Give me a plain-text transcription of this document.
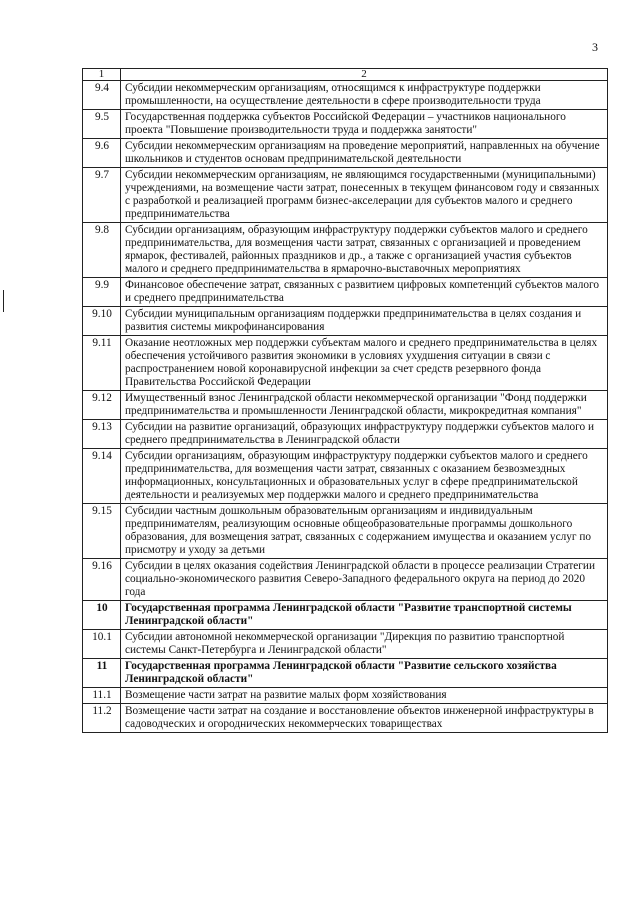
3
1	2
9.4	Субсидии некоммерческим организациям, относящимся к инфраструктуре поддержки промышленности, на осуществление деятельности в сфере производительности труда
9.5	Государственная поддержка субъектов Российской Федерации – участников национального проекта "Повышение производительности труда и поддержка занятости"
9.6	Субсидии некоммерческим организациям на проведение мероприятий, направленных на обучение школьников и студентов основам предпринимательской деятельности
9.7	Субсидии некоммерческим организациям, не являющимся государственными (муниципальными) учреждениями, на возмещение части затрат, понесенных в текущем финансовом году и связанных с разработкой и реализацией программ бизнес-акселерации для субъектов малого и среднего предпринимательства
9.8	Субсидии организациям, образующим инфраструктуру поддержки субъектов малого и среднего предпринимательства, для возмещения части затрат, связанных с организацией и проведением ярмарок, фестивалей, районных праздников и др., а также с организацией участия субъектов малого и среднего предпринимательства в ярмарочно-выставочных мероприятиях
9.9	Финансовое обеспечение затрат, связанных с развитием цифровых компетенций субъектов малого и среднего предпринимательства
9.10	Субсидии муниципальным организациям поддержки предпринимательства в целях создания и развития системы микрофинансирования
9.11	Оказание неотложных мер поддержки субъектам малого и среднего предпринимательства в целях обеспечения устойчивого развития экономики в условиях ухудшения ситуации в связи с распространением новой коронавирусной инфекции за счет средств резервного фонда Правительства Российской Федерации
9.12	Имущественный взнос Ленинградской области некоммерческой организации "Фонд поддержки предпринимательства и промышленности Ленинградской области, микрокредитная компания"
9.13	Субсидии на развитие организаций, образующих инфраструктуру поддержки субъектов малого и среднего предпринимательства в Ленинградской области
9.14	Субсидии организациям, образующим инфраструктуру поддержки субъектов малого и среднего предпринимательства, для возмещения части затрат, связанных с оказанием безвозмездных информационных, консультационных и образовательных услуг в сфере предпринимательской деятельности и реализуемых мер поддержки малого и среднего предпринимательства
9.15	Субсидии частным дошкольным образовательным организациям и индивидуальным предпринимателям, реализующим основные общеобразовательные программы дошкольного образования, для возмещения затрат, связанных с содержанием имущества и оказанием услуг по присмотру и уходу за детьми
9.16	Субсидии в целях оказания содействия Ленинградской области в процессе реализации Стратегии социально-экономического развития Северо-Западного федерального округа на период до 2020 года
10	Государственная программа Ленинградской области "Развитие транспортной системы Ленинградской области"
10.1	Субсидии автономной некоммерческой организации "Дирекция по развитию транспортной системы Санкт-Петербурга и Ленинградской области"
11	Государственная программа Ленинградской области "Развитие сельского хозяйства Ленинградской области"
11.1	Возмещение части затрат на развитие малых форм хозяйствования
11.2	Возмещение части затрат на создание и восстановление объектов инженерной инфраструктуры в садоводческих и огороднических некоммерческих товариществах
